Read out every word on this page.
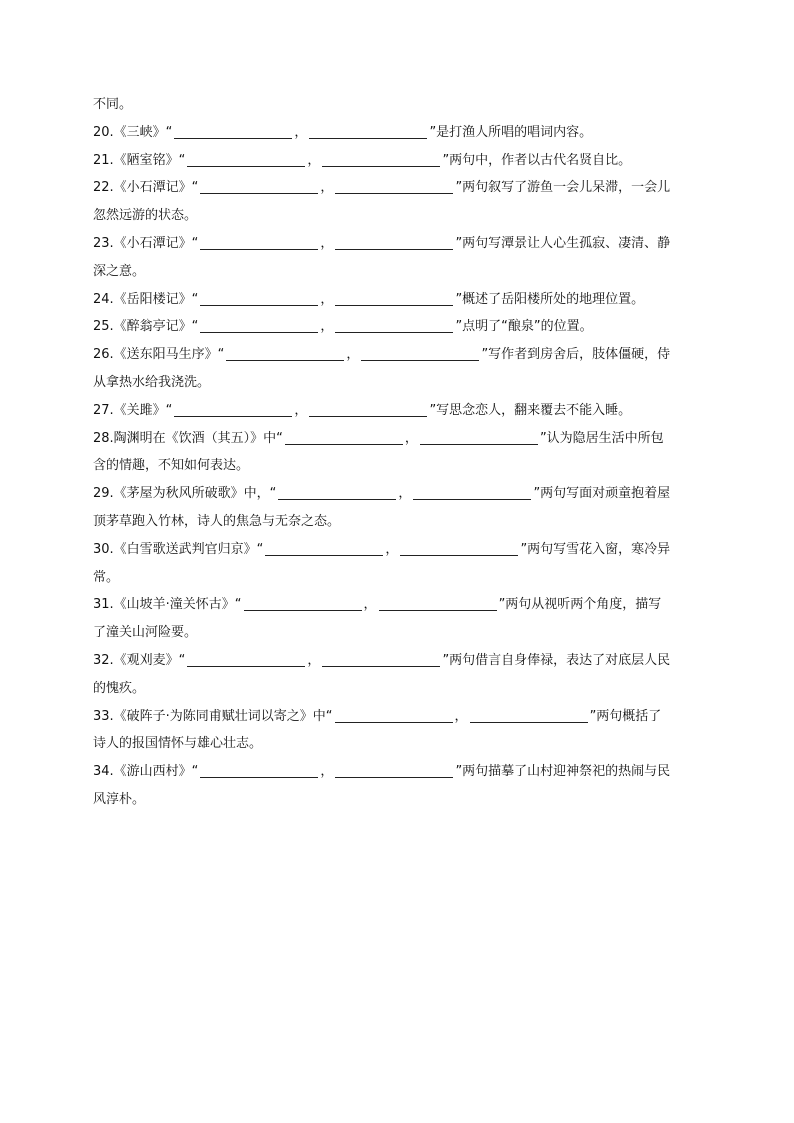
不同。
20.《三峡》“	，	”是打渔人所唱的唱词内容。
21.《陋室铭》“	，	”两句中，作者以古代名贤自比。
22.《小石潭记》“	，	”两句叙写了游鱼一会儿呆滞，一会儿
忽然远游的状态。
23.《小石潭记》“	，	”两句写潭景让人心生孤寂、凄清、静
深之意。
24.《岳阳楼记》“	，	”概述了岳阳楼所处的地理位置。
25.《醉翁亭记》“	，	”点明了“酿泉”的位置。
26.《送东阳马生序》“	，	”写作者到房舍后，肢体僵硬，侍
从拿热水给我浇洗。
27.《关雎》“	，	”写思念恋人，翻来覆去不能入睡。
28.陶渊明在《饮酒（其五）》中“	，	”认为隐居生活中所包
含的情趣，不知如何表达。
29.《茅屋为秋风所破歌》中，“	，	”两句写面对顽童抱着屋
顶茅草跑入竹林，诗人的焦急与无奈之态。
30.《白雪歌送武判官归京》“	，	”两句写雪花入窗，寒冷异
常。
31.《山坡羊·潼关怀古》“	，	”两句从视听两个角度，描写
了潼关山河险要。
32.《观刈麦》“	，	”两句借言自身俸禄，表达了对底层人民
的愧疚。
33.《破阵子·为陈同甫赋壮词以寄之》中“	，	”两句概括了
诗人的报国情怀与雄心壮志。
34.《游山西村》“	，	”两句描摹了山村迎神祭祀的热闹与民
风淳朴。
